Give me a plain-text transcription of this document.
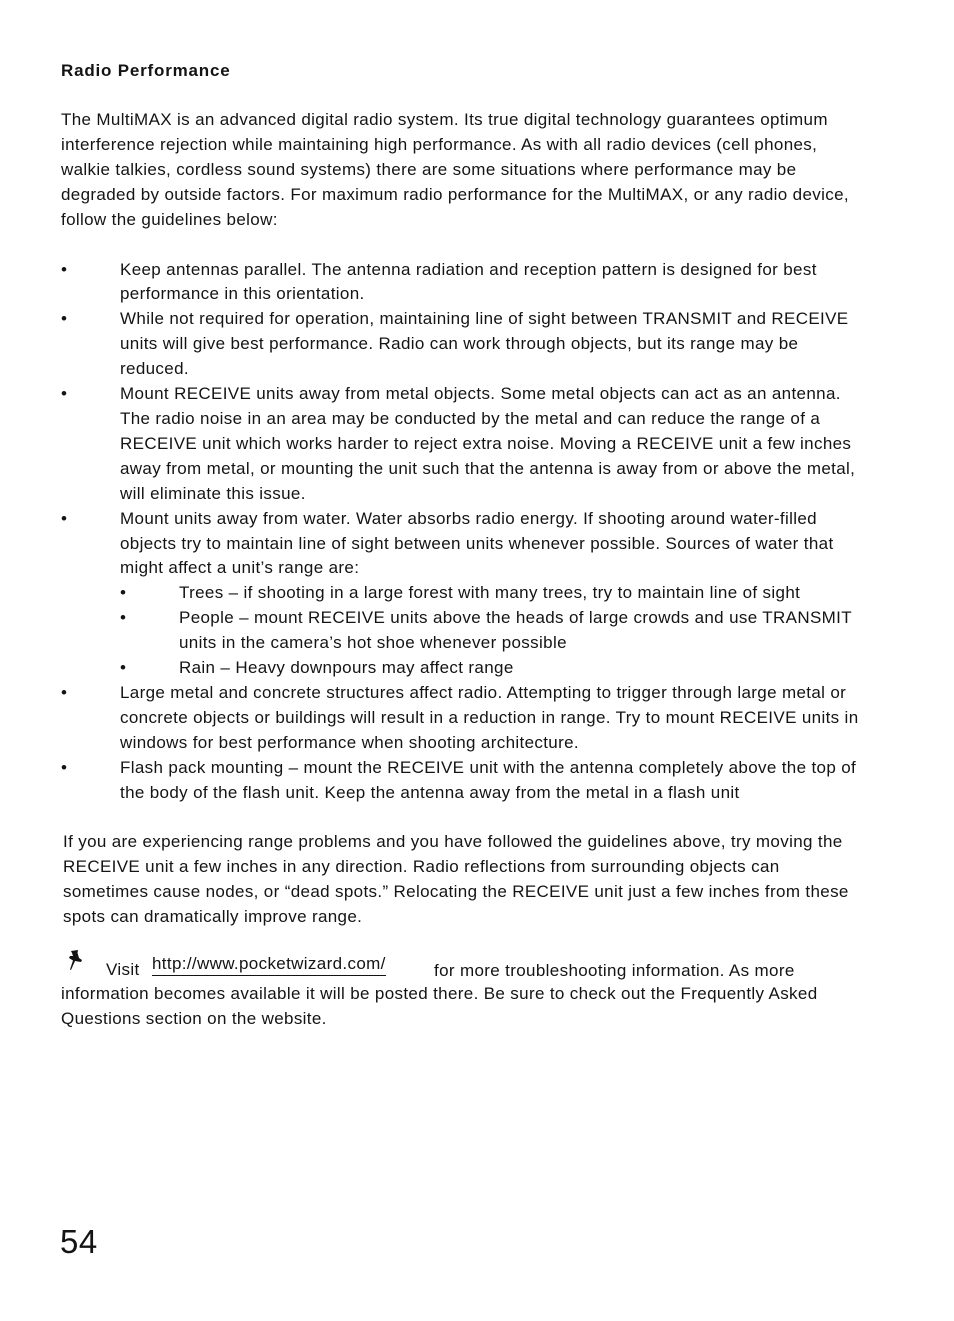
Radio Performance

The MultiMAX is an advanced digital radio system. Its true digital technology guarantees optimum interference rejection while maintaining high performance. As with all radio devices (cell phones, walkie talkies, cordless sound systems) there are some situations where performance may be degraded by outside factors. For maximum radio performance for the MultiMAX, or any radio device, follow the guidelines below:

•	Keep antennas parallel. The antenna radiation and reception pattern is designed for best performance in this orientation.
•	While not required for operation, maintaining line of sight between TRANSMIT and RECEIVE units will give best performance. Radio can work through objects, but its range may be reduced.
•	Mount RECEIVE units away from metal objects. Some metal objects can act as an antenna. The radio noise in an area may be conducted by the metal and can reduce the range of a RECEIVE unit which works harder to reject extra noise. Moving a RECEIVE unit a few inches away from metal, or mounting the unit such that the antenna is away from or above the metal, will eliminate this issue.
•	Mount units away from water. Water absorbs radio energy. If shooting around water-filled objects try to maintain line of sight between units whenever possible. Sources of water that might affect a unit’s range are:
•	Trees – if shooting in a large forest with many trees, try to maintain line of sight
•	People – mount RECEIVE units above the heads of large crowds and use TRANSMIT units in the camera’s hot shoe whenever possible
•	Rain – Heavy downpours may affect range
•	Large metal and concrete structures affect radio. Attempting to trigger through large metal or concrete objects or buildings will result in a reduction in range. Try to mount RECEIVE units in windows for best performance when shooting architecture.
•	Flash pack mounting – mount the RECEIVE unit with the antenna completely above the top of the body of the flash unit. Keep the antenna away from the metal in a flash unit

If you are experiencing range problems and you have followed the guidelines above, try moving the RECEIVE unit a few inches in any direction. Radio reflections from surrounding objects can sometimes cause nodes, or “dead spots.” Relocating the RECEIVE unit just a few inches from these spots can dramatically improve range.

Visit http://www.pocketwizard.com/	for more troubleshooting information. As more

information becomes available it will be posted there. Be sure to check out the Frequently Asked Questions section on the website.

54
